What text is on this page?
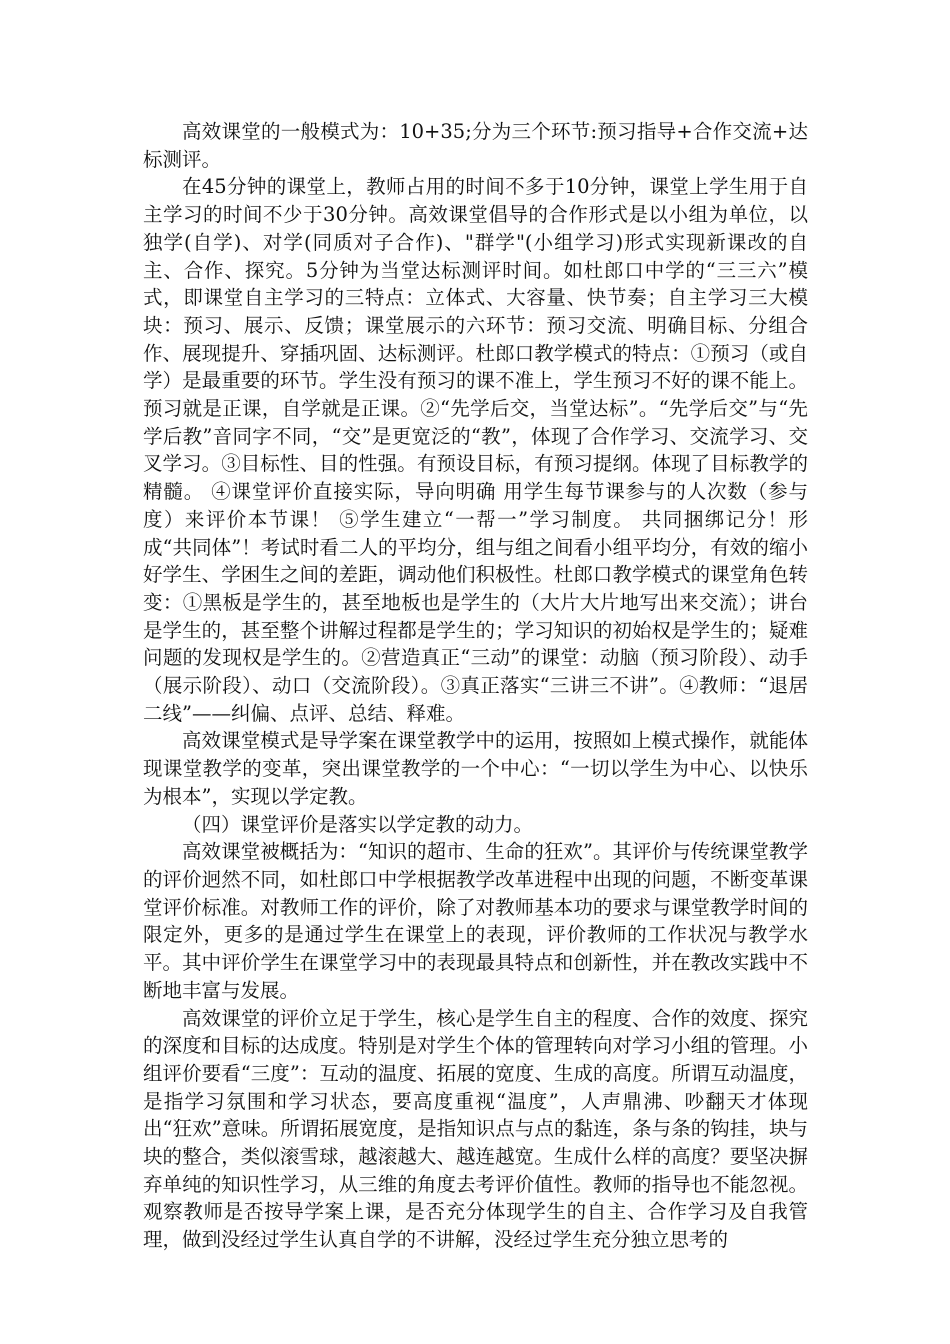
高效课堂的一般模式为：10+35;分为三个环节:预习指导+合作交流+达标测评。

在45分钟的课堂上，教师占用的时间不多于10分钟，课堂上学生用于自主学习的时间不少于30分钟。高效课堂倡导的合作形式是以小组为单位，以独学(自学)、对学(同质对子合作)、"群学"(小组学习)形式实现新课改的自主、合作、探究。5分钟为当堂达标测评时间。如杜郎口中学的“三三六”模式，即课堂自主学习的三特点：立体式、大容量、快节奏；自主学习三大模块：预习、展示、反馈；课堂展示的六环节：预习交流、明确目标、分组合作、展现提升、穿插巩固、达标测评。杜郎口教学模式的特点：①预习（或自学）是最重要的环节。学生没有预习的课不准上，学生预习不好的课不能上。预习就是正课，自学就是正课。②“先学后交，当堂达标”。“先学后交”与“先学后教”音同字不同，“交”是更宽泛的“教”，体现了合作学习、交流学习、交叉学习。③目标性、目的性强。有预设目标，有预习提纲。体现了目标教学的精髓。 ④课堂评价直接实际，导向明确 用学生每节课参与的人次数（参与度）来评价本节课！ ⑤学生建立“一帮一”学习制度。 共同捆绑记分！形成“共同体”！考试时看二人的平均分，组与组之间看小组平均分，有效的缩小好学生、学困生之间的差距，调动他们积极性。杜郎口教学模式的课堂角色转变：①黑板是学生的，甚至地板也是学生的（大片大片地写出来交流）；讲台是学生的，甚至整个讲解过程都是学生的；学习知识的初始权是学生的；疑难问题的发现权是学生的。②营造真正“三动”的课堂：动脑（预习阶段）、动手（展示阶段）、动口（交流阶段）。③真正落实“三讲三不讲”。④教师：“退居二线”——纠偏、点评、总结、释难。

高效课堂模式是导学案在课堂教学中的运用，按照如上模式操作，就能体现课堂教学的变革，突出课堂教学的一个中心：“一切以学生为中心、以快乐为根本”，实现以学定教。

（四）课堂评价是落实以学定教的动力。

高效课堂被概括为：“知识的超市、生命的狂欢”。其评价与传统课堂教学的评价迥然不同，如杜郎口中学根据教学改革进程中出现的问题，不断变革课堂评价标准。对教师工作的评价，除了对教师基本功的要求与课堂教学时间的限定外，更多的是通过学生在课堂上的表现，评价教师的工作状况与教学水平。其中评价学生在课堂学习中的表现最具特点和创新性，并在教改实践中不断地丰富与发展。

高效课堂的评价立足于学生，核心是学生自主的程度、合作的效度、探究的深度和目标的达成度。特别是对学生个体的管理转向对学习小组的管理。小组评价要看“三度”：互动的温度、拓展的宽度、生成的高度。所谓互动温度，是指学习氛围和学习状态，要高度重视“温度”，人声鼎沸、吵翻天才体现出“狂欢”意味。所谓拓展宽度，是指知识点与点的黏连，条与条的钩挂，块与块的整合，类似滚雪球，越滚越大、越连越宽。生成什么样的高度？要坚决摒弃单纯的知识性学习，从三维的角度去考评价值性。教师的指导也不能忽视。观察教师是否按导学案上课，是否充分体现学生的自主、合作学习及自我管理，做到没经过学生认真自学的不讲解，没经过学生充分独立思考的
